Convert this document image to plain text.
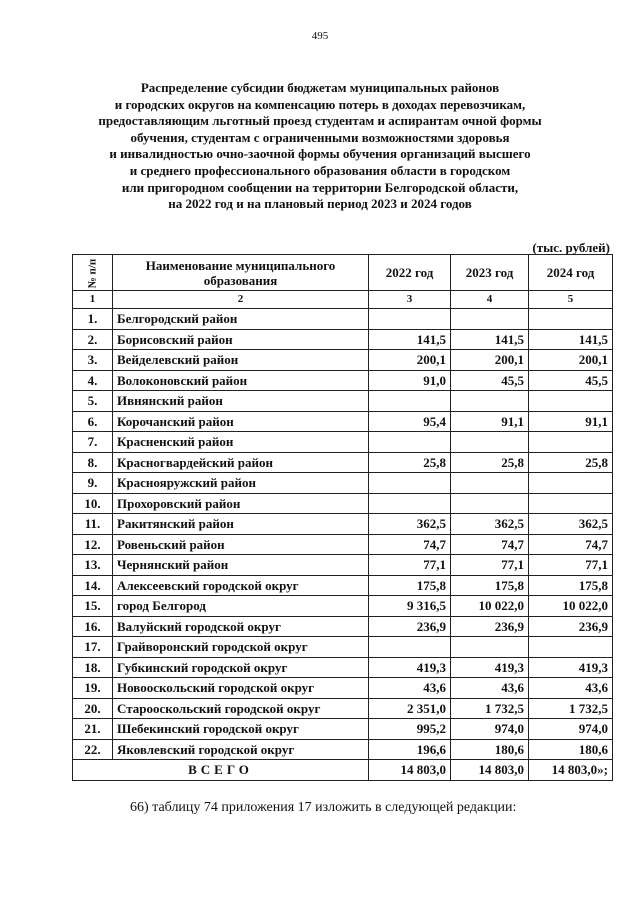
495
Распределение субсидии бюджетам муниципальных районов
и городских округов на компенсацию потерь в доходах перевозчикам,
предоставляющим льготный проезд студентам и аспирантам очной формы
обучения, студентам с ограниченными возможностями здоровья
и инвалидностью очно-заочной формы обучения организаций высшего
и среднего профессионального образования области в городском
или пригородном сообщении на территории Белгородской области,
на 2022 год и на плановый период 2023 и 2024 годов
(тыс. рублей)
№ п/п	Наименование муниципального образования	2022 год	2023 год	2024 год
1	2	3	4	5
1.	Белгородский район			
2.	Борисовский район	141,5	141,5	141,5
3.	Вейделевский район	200,1	200,1	200,1
4.	Волоконовский район	91,0	45,5	45,5
5.	Ивнянский район			
6.	Корочанский район	95,4	91,1	91,1
7.	Красненский район			
8.	Красногвардейский район	25,8	25,8	25,8
9.	Краснояружский район			
10.	Прохоровский район			
11.	Ракитянский район	362,5	362,5	362,5
12.	Ровеньский район	74,7	74,7	74,7
13.	Чернянский район	77,1	77,1	77,1
14.	Алексеевский городской округ	175,8	175,8	175,8
15.	город Белгород	9 316,5	10 022,0	10 022,0
16.	Валуйский городской округ	236,9	236,9	236,9
17.	Грайворонский городской округ			
18.	Губкинский городской округ	419,3	419,3	419,3
19.	Новооскольский городской округ	43,6	43,6	43,6
20.	Старооскольский городской округ	2 351,0	1 732,5	1 732,5
21.	Шебекинский городской округ	995,2	974,0	974,0
22.	Яковлевский городской округ	196,6	180,6	180,6
ВСЕГО		14 803,0	14 803,0	14 803,0»;
66) таблицу 74 приложения 17 изложить в следующей редакции:
